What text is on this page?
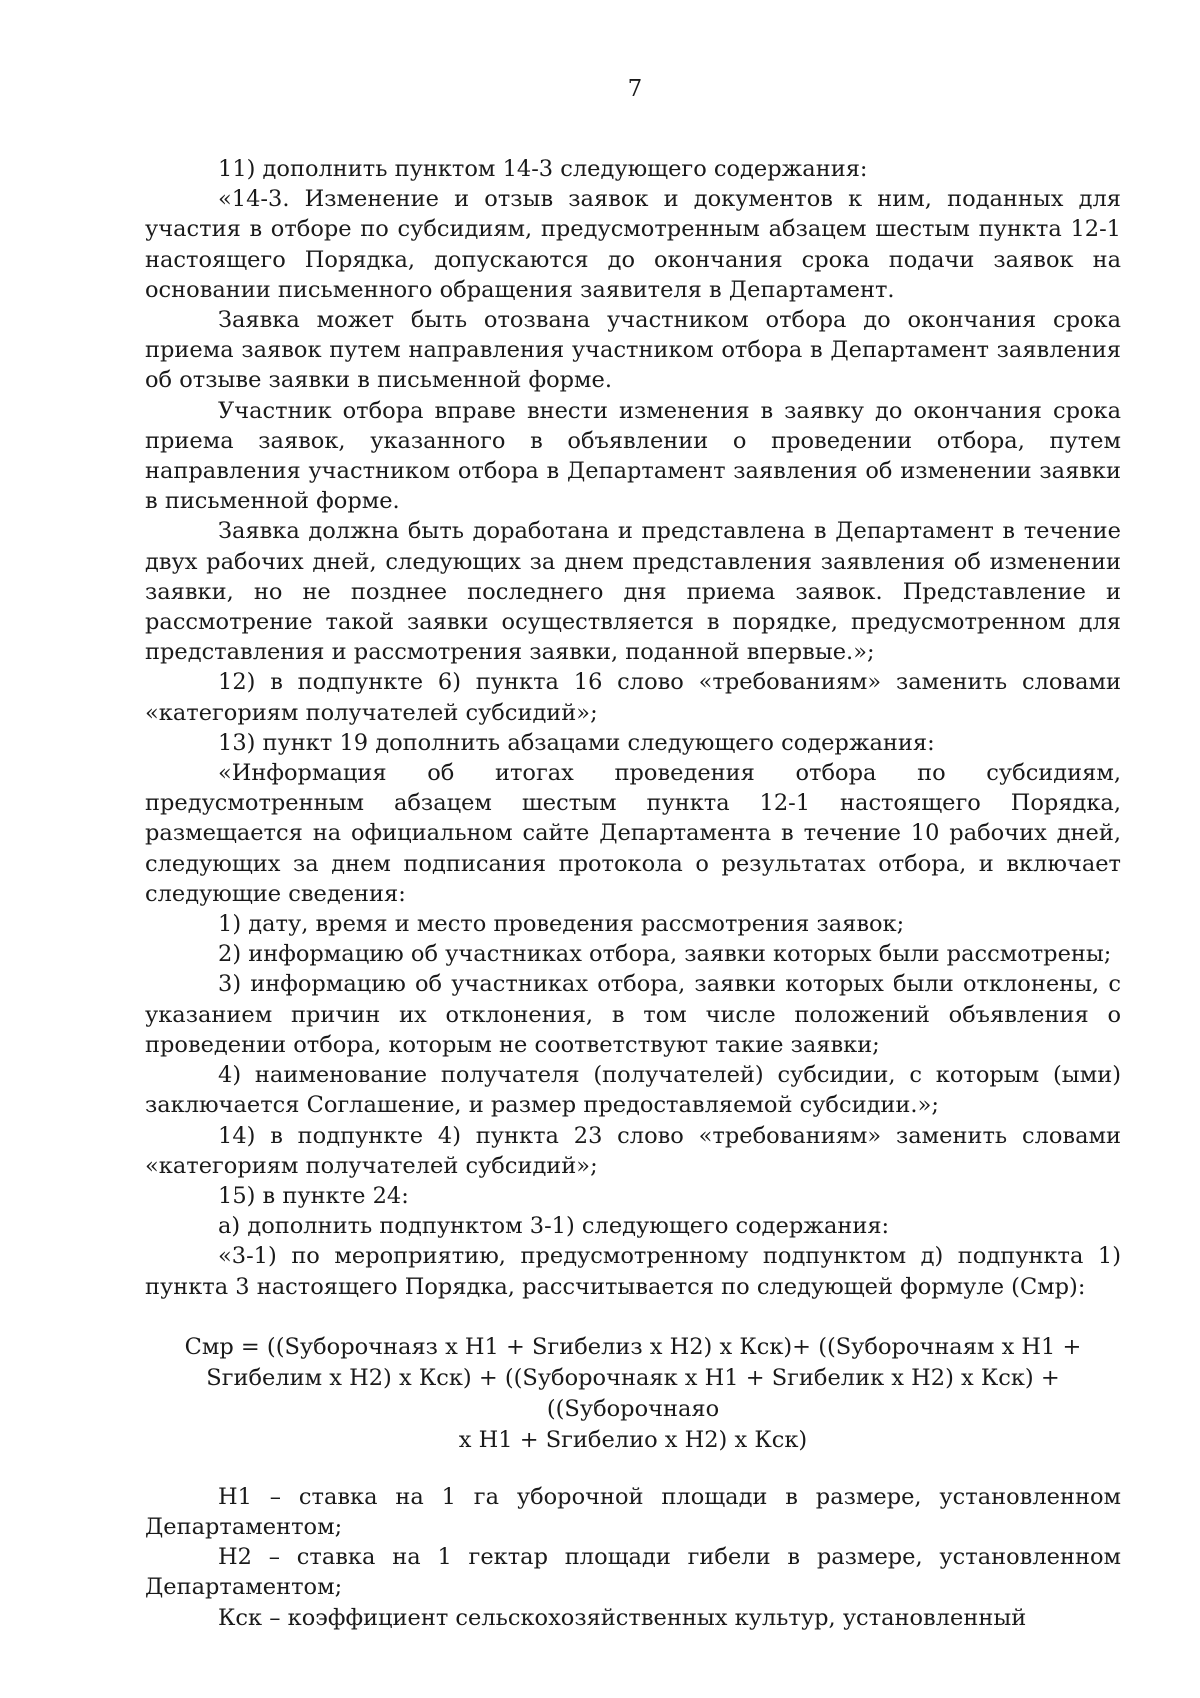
7

11) дополнить пунктом 14-3 следующего содержания:

«14-3. Изменение и отзыв заявок и документов к ним, поданных для участия в отборе по субсидиям, предусмотренным абзацем шестым пункта 12-1 настоящего Порядка, допускаются до окончания срока подачи заявок на основании письменного обращения заявителя в Департамент.

Заявка может быть отозвана участником отбора до окончания срока приема заявок путем направления участником отбора в Департамент заявления об отзыве заявки в письменной форме.

Участник отбора вправе внести изменения в заявку до окончания срока приема заявок, указанного в объявлении о проведении отбора, путем направления участником отбора в Департамент заявления об изменении заявки в письменной форме.

Заявка должна быть доработана и представлена в Департамент в течение двух рабочих дней, следующих за днем представления заявления об изменении заявки, но не позднее последнего дня приема заявок. Представление и рассмотрение такой заявки осуществляется в порядке, предусмотренном для представления и рассмотрения заявки, поданной впервые.»;

12) в подпункте 6) пункта 16 слово «требованиям» заменить словами «категориям получателей субсидий»;

13) пункт 19 дополнить абзацами следующего содержания:

«Информация об итогах проведения отбора по субсидиям, предусмотренным абзацем шестым пункта 12-1 настоящего Порядка, размещается на официальном сайте Департамента в течение 10 рабочих дней, следующих за днем подписания протокола о результатах отбора, и включает следующие сведения:

1) дату, время и место проведения рассмотрения заявок;

2) информацию об участниках отбора, заявки которых были рассмотрены;

3) информацию об участниках отбора, заявки которых были отклонены, с указанием причин их отклонения, в том числе положений объявления о проведении отбора, которым не соответствуют такие заявки;

4) наименование получателя (получателей) субсидии, с которым (ыми) заключается Соглашение, и размер предоставляемой субсидии.»;

14) в подпункте 4) пункта 23 слово «требованиям» заменить словами «категориям получателей субсидий»;

15) в пункте 24:

а) дополнить подпунктом 3-1) следующего содержания:

«3-1) по мероприятию, предусмотренному подпунктом д) подпункта 1) пункта 3 настоящего Порядка, рассчитывается по следующей формуле (Смр):

Смр = ((Sуборочнаяз x Н1 + Sгибелиз x Н2) x Кск)+ ((Sуборочнаям x Н1 +
Sгибелим x Н2) x Кск) + ((Sуборочнаяк x Н1 + Sгибелик x Н2) x Кск) + ((Sуборочнаяо
x Н1 + Sгибелио x Н2) x Кск)

Н1 – ставка на 1 га уборочной площади в размере, установленном Департаментом;

Н2 – ставка на 1 гектар площади гибели в размере, установленном Департаментом;

Кск – коэффициент сельскохозяйственных культур, установленный
